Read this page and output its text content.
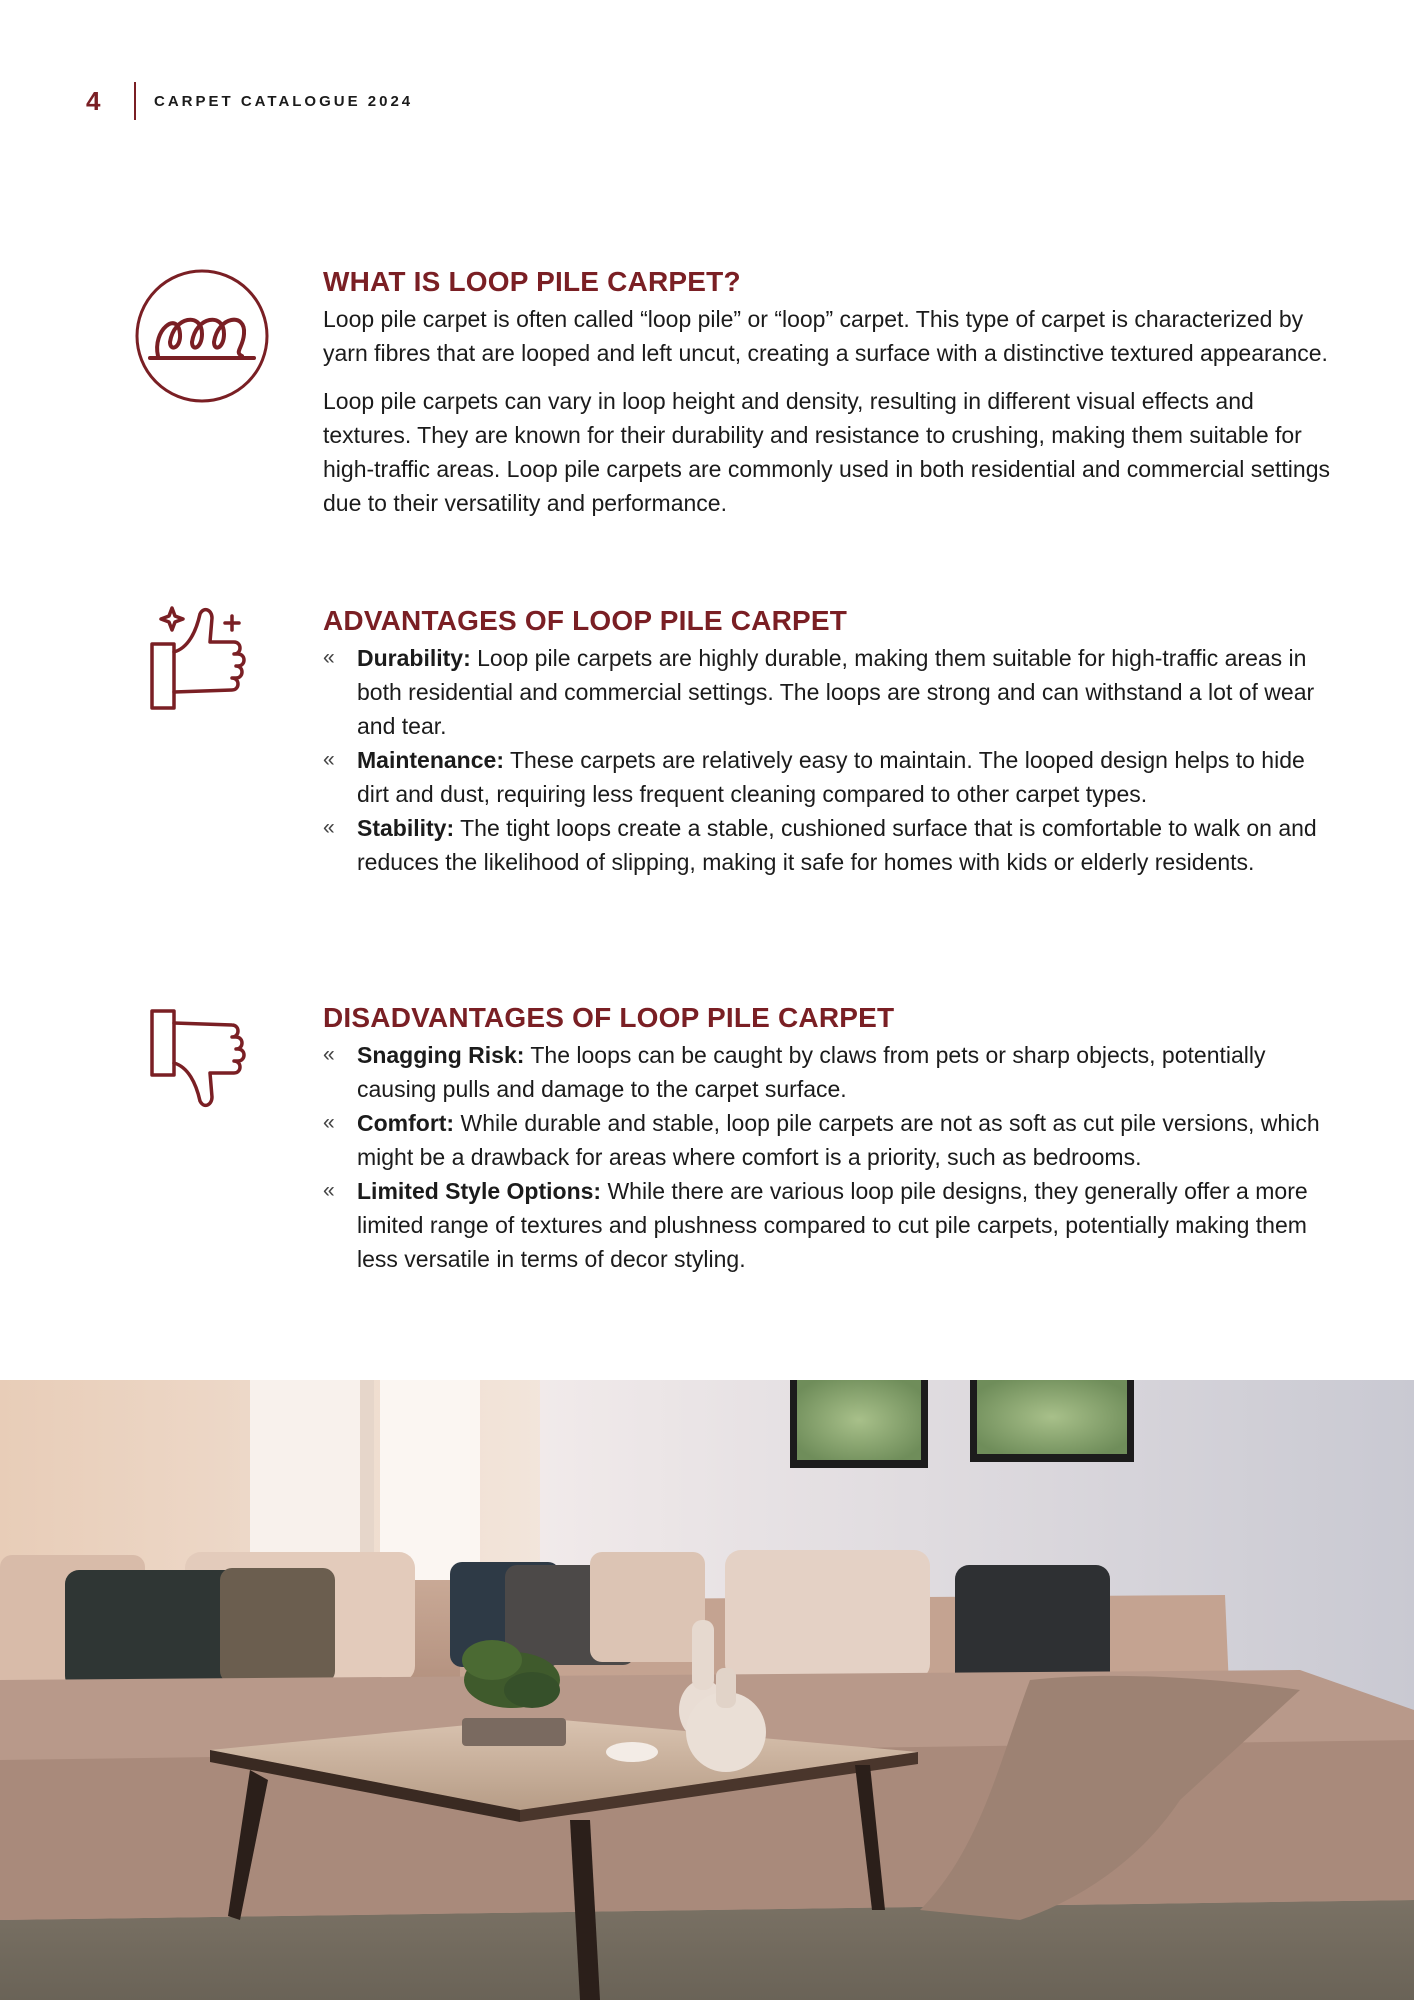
4	CARPET CATALOGUE 2024
WHAT IS LOOP PILE CARPET?

Loop pile carpet is often called “loop pile” or “loop” carpet. This type of carpet is characterized by yarn fibres that are looped and left uncut, creating a surface with a distinctive textured appearance.

Loop pile carpets can vary in loop height and density, resulting in different visual effects and textures. They are known for their durability and resistance to crushing, making them suitable for high-traffic areas. Loop pile carpets are commonly used in both residential and commercial settings due to their versatility and performance.

ADVANTAGES OF LOOP PILE CARPET
« Durability: Loop pile carpets are highly durable, making them suitable for high-traffic areas in both residential and commercial settings. The loops are strong and can withstand a lot of wear and tear.
« Maintenance: These carpets are relatively easy to maintain. The looped design helps to hide dirt and dust, requiring less frequent cleaning compared to other carpet types.
« Stability: The tight loops create a stable, cushioned surface that is comfortable to walk on and reduces the likelihood of slipping, making it safe for homes with kids or elderly residents.
DISADVANTAGES OF LOOP PILE CARPET
« Snagging Risk: The loops can be caught by claws from pets or sharp objects, potentially causing pulls and damage to the carpet surface.
« Comfort: While durable and stable, loop pile carpets are not as soft as cut pile versions, which might be a drawback for areas where comfort is a priority, such as bedrooms.
« Limited Style Options: While there are various loop pile designs, they generally offer a more limited range of textures and plushness compared to cut pile carpets, potentially making them less versatile in terms of decor styling.
